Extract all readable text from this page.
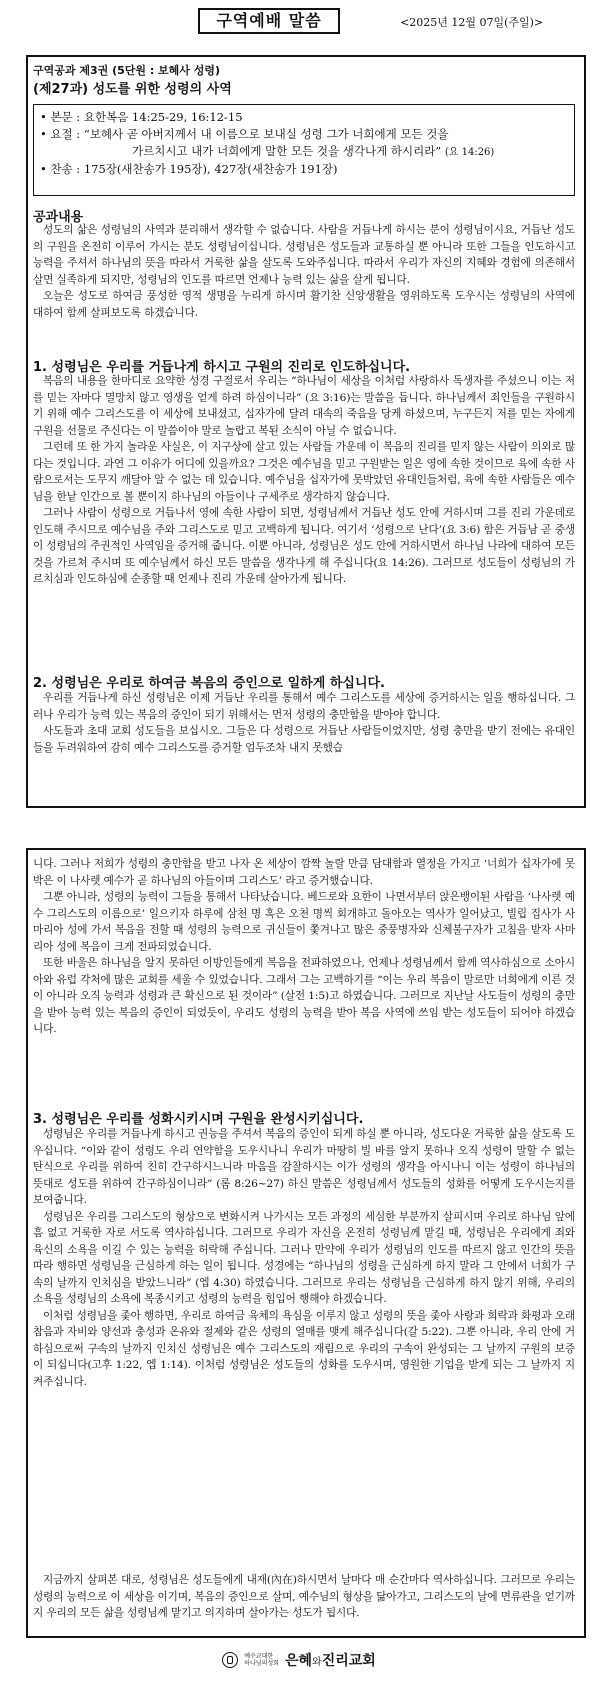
구역예배 말씀	<2025년 12월 07일(주일)>
구역공과 제3권 (5단원 : 보혜사 성령)
(제27과) 성도를 위한 성령의 사역
• 본문 : 요한복음 14:25-29, 16:12-15
• 요절 : “보혜사 곧 아버지께서 내 이름으로 보내실 성령 그가 너희에게 모든 것을
가르치시고 내가 너희에게 말한 모든 것을 생각나게 하시리라” (요 14:26)
• 찬송 : 175장(새찬송가 195장), 427장(새찬송가 191장)
공과내용

성도의 삶은 성령님의 사역과 분리해서 생각할 수 없습니다. 사람을 거듭나게 하시는 분이 성령님이시요, 거듭난 성도의 구원을 온전히 이루어 가시는 분도 성령님이십니다. 성령님은 성도들과 교통하실 뿐 아니라 또한 그들을 인도하시고 능력을 주셔서 하나님의 뜻을 따라서 거룩한 삶을 살도록 도와주십니다. 따라서 우리가 자신의 지혜와 경험에 의존해서 살면 실족하게 되지만, 성령님의 인도를 따르면 언제나 능력 있는 삶을 살게 됩니다.

오늘은 성도로 하여금 풍성한 영적 생명을 누리게 하시며 활기찬 신앙생활을 영위하도록 도우시는 성령님의 사역에 대하여 함께 살펴보도록 하겠습니다.

1. 성령님은 우리를 거듭나게 하시고 구원의 진리로 인도하십니다.

복음의 내용을 한마디로 요약한 성경 구절로서 우리는 “하나님이 세상을 이처럼 사랑하사 독생자를 주셨으니 이는 저를 믿는 자마다 멸망치 않고 영생을 얻게 하려 하심이니라” (요 3:16)는 말씀을 듭니다. 하나님께서 죄인들을 구원하시기 위해 예수 그리스도를 이 세상에 보내셨고, 십자가에 달려 대속의 죽음을 당케 하셨으며, 누구든지 저를 믿는 자에게 구원을 선물로 주신다는 이 말씀이야 말로 놀랍고 복된 소식이 아닐 수 없습니다.

그런데 또 한 가지 놀라운 사실은, 이 지구상에 살고 있는 사람들 가운데 이 복음의 진리를 믿지 않는 사람이 의외로 많다는 것입니다. 과연 그 이유가 어디에 있을까요? 그것은 예수님을 믿고 구원받는 일은 영에 속한 것이므로 육에 속한 사람으로서는 도무지 깨달아 알 수 없는 데 있습니다. 예수님을 십자가에 못박았던 유대인들처럼, 육에 속한 사람들은 예수님을 한낱 인간으로 볼 뿐이지 하나님의 아들이나 구세주로 생각하지 않습니다.

그러나 사람이 성령으로 거듭나서 영에 속한 사람이 되면, 성령님께서 거듭난 성도 안에 거하시며 그를 진리 가운데로 인도해 주시므로 예수님을 주와 그리스도로 믿고 고백하게 됩니다. 여기서 ‘성령으로 난다’(요 3:6) 함은 거듭남 곧 중생이 성령님의 주권적인 사역임을 증거해 줍니다. 이뿐 아니라, 성령님은 성도 안에 거하시면서 하나님 나라에 대하여 모든 것을 가르쳐 주시며 또 예수님께서 하신 모든 말씀을 생각나게 해 주십니다(요 14:26). 그러므로 성도들이 성령님의 가르치심과 인도하심에 순종할 때 언제나 진리 가운데 살아가게 됩니다.

2. 성령님은 우리로 하여금 복음의 증인으로 일하게 하십니다.

우리를 거듭나게 하신 성령님은 이제 거듭난 우리를 통해서 예수 그리스도를 세상에 증거하시는 일을 행하십니다. 그러나 우리가 능력 있는 복음의 증인이 되기 위해서는 먼저 성령의 충만함을 받아야 합니다.

사도들과 초대 교회 성도들을 보십시오. 그들은 다 성령으로 거듭난 사람들이었지만, 성령 충만을 받기 전에는 유대인들을 두려워하여 감히 예수 그리스도를 증거할 엄두조차 내지 못했습

니다. 그러나 저희가 성령의 충만함을 받고 나자 온 세상이 깜짝 놀랄 만큼 담대함과 열정을 가지고 ‘너희가 십자가에 못박은 이 나사렛 예수가 곧 하나님의 아들이며 그리스도’ 라고 증거했습니다.

그뿐 아니라, 성령의 능력이 그들을 통해서 나타났습니다. 베드로와 요한이 나면서부터 앉은뱅이된 사람을 ‘나사렛 예수 그리스도의 이름으로’ 일으키자 하루에 삼천 명 혹은 오천 명씩 회개하고 돌아오는 역사가 일어났고, 빌립 집사가 사마리아 성에 가서 복음을 전할 때 성령의 능력으로 귀신들이 쫓겨나고 많은 중풍병자와 신체불구자가 고침을 받자 사마리아 성에 복음이 크게 전파되었습니다.

또한 바울은 하나님을 알지 못하던 이방인들에게 복음을 전파하였으나, 언제나 성령님께서 함께 역사하심으로 소아시아와 유럽 각처에 많은 교회를 세울 수 있었습니다. 그래서 그는 고백하기를 “이는 우리 복음이 말로만 너희에게 이른 것이 아니라 오직 능력과 성령과 큰 확신으로 된 것이라” (살전 1:5)고 하였습니다. 그러므로 지난날 사도들이 성령의 충만을 받아 능력 있는 복음의 증인이 되었듯이, 우리도 성령의 능력을 받아 복음 사역에 쓰임 받는 성도들이 되어야 하겠습니다.

3. 성령님은 우리를 성화시키시며 구원을 완성시키십니다.

성령님은 우리를 거듭나게 하시고 권능을 주셔서 복음의 증인이 되게 하실 뿐 아니라, 성도다운 거룩한 삶을 살도록 도우십니다. “이와 같이 성령도 우리 연약함을 도우시나니 우리가 마땅히 빌 바를 알지 못하나 오직 성령이 말할 수 없는 탄식으로 우리를 위하여 친히 간구하시느니라 마음을 감찰하시는 이가 성령의 생각을 아시나니 이는 성령이 하나님의 뜻대로 성도를 위하여 간구하심이니라” (롬 8:26~27) 하신 말씀은 성령님께서 성도들의 성화를 어떻게 도우시는지를 보여줍니다.

성령님은 우리를 그리스도의 형상으로 변화시켜 나가시는 모든 과정의 세심한 부분까지 살피시며 우리로 하나님 앞에 흠 없고 거룩한 자로 서도록 역사하십니다. 그러므로 우리가 자신을 온전히 성령님께 맡길 때, 성령님은 우리에게 죄와 육신의 소욕을 이길 수 있는 능력을 허락해 주십니다. 그러나 만약에 우리가 성령님의 인도를 따르지 않고 인간의 뜻을 따라 행하면 성령님을 근심하게 하는 일이 됩니다. 성경에는 “하나님의 성령을 근심하게 하지 말라 그 안에서 너희가 구속의 날까지 인치심을 받았느니라” (엡 4:30) 하였습니다. 그러므로 우리는 성령님을 근심하게 하지 않기 위해, 우리의 소욕을 성령님의 소욕에 복종시키고 성령의 능력을 힘입어 행해야 하겠습니다.

이처럼 성령님을 좇아 행하면, 우리로 하여금 육체의 욕심을 이루지 않고 성령의 뜻을 좇아 사랑과 희락과 화평과 오래 참음과 자비와 양선과 충성과 온유와 절제와 같은 성령의 열매를 맺게 해주십니다(갈 5:22). 그뿐 아니라, 우리 안에 거하심으로써 구속의 날까지 인치신 성령님은 예수 그리스도의 재림으로 우리의 구속이 완성되는 그 날까지 구원의 보증이 되십니다(고후 1:22, 엡 1:14). 이처럼 성령님은 성도들의 성화를 도우시며, 영원한 기업을 받게 되는 그 날까지 지켜주십니다.

지금까지 살펴본 대로, 성령님은 성도들에게 내재(內在)하시면서 날마다 매 순간마다 역사하십니다. 그러므로 우리는 성령의 능력으로 이 세상을 이기며, 복음의 증인으로 살며, 예수님의 형상을 닮아가고, 그리스도의 날에 면류관을 얻기까지 우리의 모든 삶을 성령님께 맡기고 의지하며 살아가는 성도가 됩시다.

예수교대한
하나님의성회 은혜와진리교회
